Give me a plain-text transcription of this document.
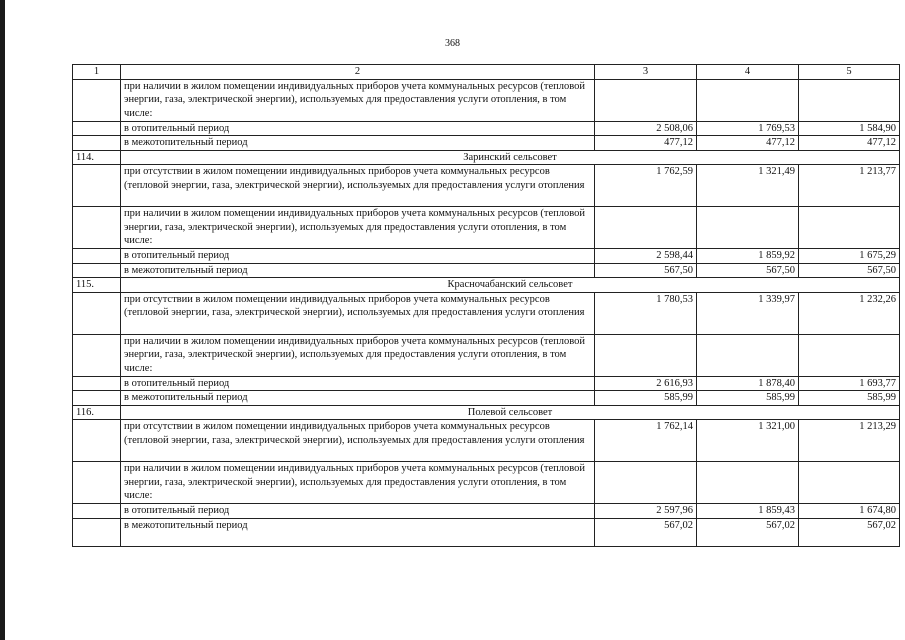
368
1	2	3	4	5
	при наличии в жилом помещении индивидуальных приборов учета коммунальных ресурсов (тепловой энергии, газа, электрической энергии), используемых для предоставления услуги отопления, в том числе:			
	в отопительный период	2 508,06	1 769,53	1 584,90
	в межотопительный период	477,12	477,12	477,12
114.	Заринский сельсовет			
	при отсутствии в жилом помещении индивидуальных приборов учета коммунальных ресурсов (тепловой энергии, газа, электрической энергии), используемых для предоставления услуги отопления	1 762,59	1 321,49	1 213,77
	при наличии в жилом помещении индивидуальных приборов учета коммунальных ресурсов (тепловой энергии, газа, электрической энергии), используемых для предоставления услуги отопления, в том числе:			
	в отопительный период	2 598,44	1 859,92	1 675,29
	в межотопительный период	567,50	567,50	567,50
115.	Красночабанский сельсовет			
	при отсутствии в жилом помещении индивидуальных приборов учета коммунальных ресурсов (тепловой энергии, газа, электрической энергии), используемых для предоставления услуги отопления	1 780,53	1 339,97	1 232,26
	при наличии в жилом помещении индивидуальных приборов учета коммунальных ресурсов (тепловой энергии, газа, электрической энергии), используемых для предоставления услуги отопления, в том числе:			
	в отопительный период	2 616,93	1 878,40	1 693,77
	в межотопительный период	585,99	585,99	585,99
116.	Полевой сельсовет			
	при отсутствии в жилом помещении индивидуальных приборов учета коммунальных ресурсов (тепловой энергии, газа, электрической энергии), используемых для предоставления услуги отопления	1 762,14	1 321,00	1 213,29
	при наличии в жилом помещении индивидуальных приборов учета коммунальных ресурсов (тепловой энергии, газа, электрической энергии), используемых для предоставления услуги отопления, в том числе:			
	в отопительный период	2 597,96	1 859,43	1 674,80
	в межотопительный период	567,02	567,02	567,02
